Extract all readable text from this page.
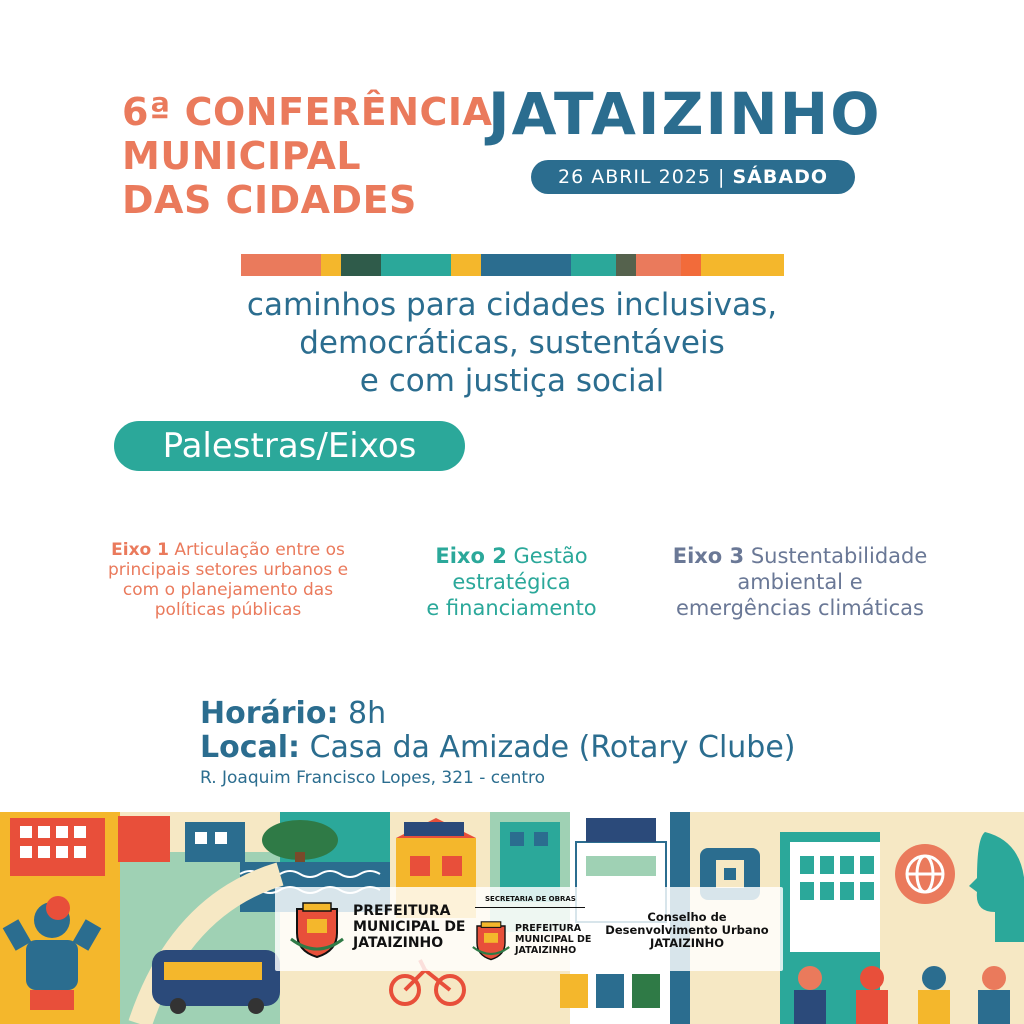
6ª CONFERÊNCIA
MUNICIPAL
DAS CIDADES
JATAIZINHO
26 ABRIL 2025 | SÁBADO
caminhos para cidades inclusivas,
democráticas, sustentáveis
e com justiça social
Palestras/Eixos
Eixo 1 Articulação entre os
principais setores urbanos e
com o planejamento das
políticas públicas
Eixo 2 Gestão
estratégica
e financiamento
Eixo 3 Sustentabilidade
ambiental e
emergências climáticas
Horário: 8h
Local: Casa da Amizade (Rotary Clube)
R. Joaquim Francisco Lopes, 321 - centro
PREFEITURA
MUNICIPAL DE
JATAIZINHO
SECRETARIA DE OBRAS
PREFEITURA
MUNICIPAL DE
JATAIZINHO
Conselho de
Desenvolvimento Urbano
JATAIZINHO
